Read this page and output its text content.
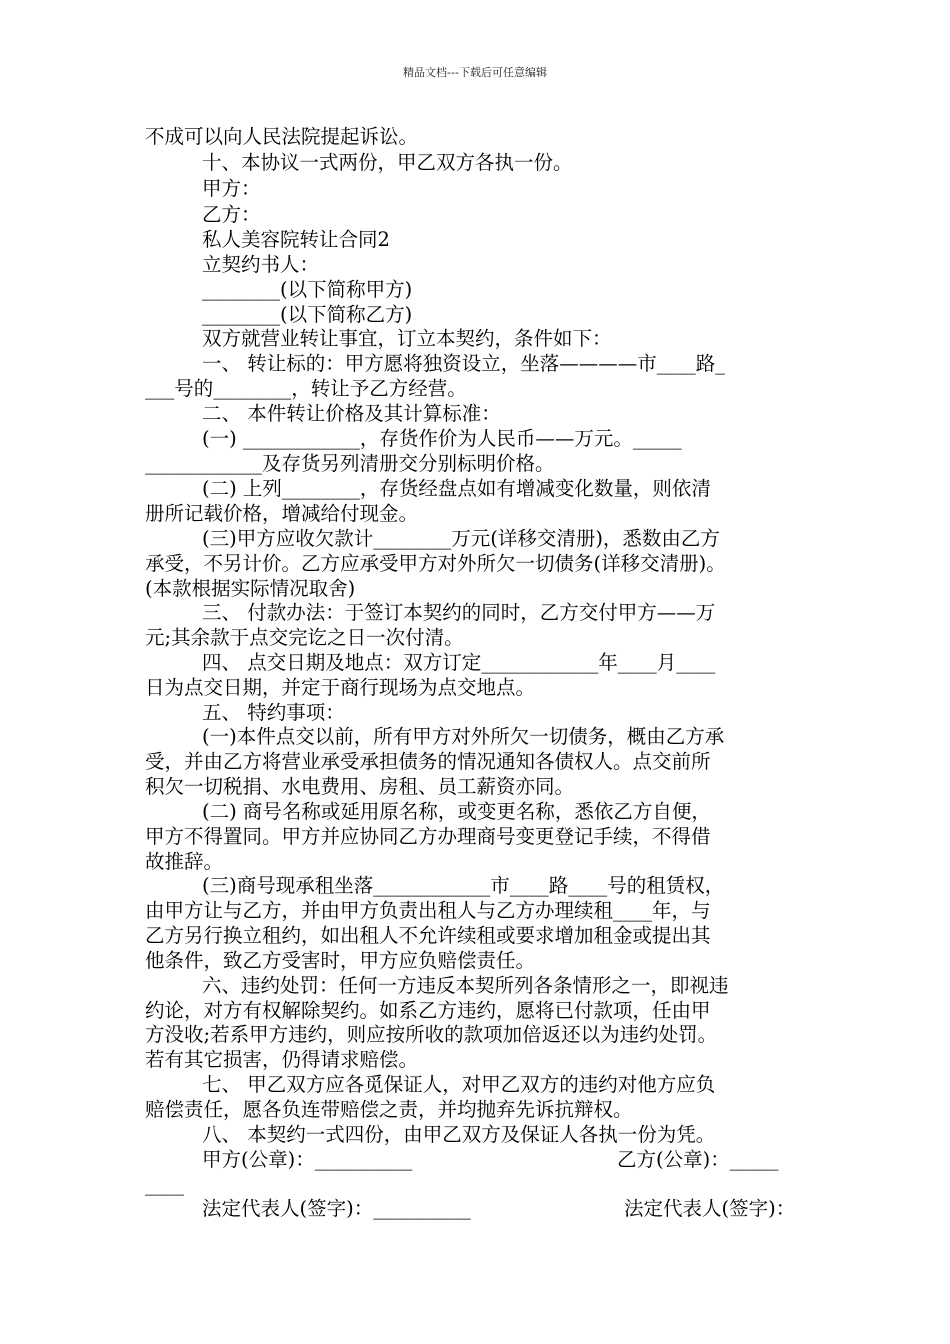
精品文档---下载后可任意编辑
不成可以向人民法院提起诉讼。
十、本协议一式两份，甲乙双方各执一份。
甲方：
乙方：
私人美容院转让合同2
立契约书人：
________(以下简称甲方)
________(以下简称乙方)
双方就营业转让事宜，订立本契约，条件如下：
一、 转让标的：甲方愿将独资设立，坐落————市____路_
___号的________，转让予乙方经营。
二、 本件转让价格及其计算标准：
(一) ____________，存货作价为人民币——万元。_____
____________及存货另列清册交分别标明价格。
(二) 上列________，存货经盘点如有增减变化数量，则依清
册所记载价格，增减给付现金。
(三)甲方应收欠款计________万元(详移交清册)，悉数由乙方
承受，不另计价。乙方应承受甲方对外所欠一切债务(详移交清册)。
(本款根据实际情况取舍)
三、 付款办法：于签订本契约的同时，乙方交付甲方——万
元;其余款于点交完讫之日一次付清。
四、 点交日期及地点：双方订定____________年____月____
日为点交日期，并定于商行现场为点交地点。
五、 特约事项：
(一)本件点交以前，所有甲方对外所欠一切债务，概由乙方承
受，并由乙方将营业承受承担债务的情况通知各债权人。点交前所
积欠一切税捐、水电费用、房租、员工薪资亦同。
(二) 商号名称或延用原名称，或变更名称，悉依乙方自便，
甲方不得置同。甲方并应协同乙方办理商号变更登记手续，不得借
故推辞。
(三)商号现承租坐落____________市____路____号的租赁权，
由甲方让与乙方，并由甲方负责出租人与乙方办理续租____年，与
乙方另行换立租约，如出租人不允许续租或要求增加租金或提出其
他条件，致乙方受害时，甲方应负赔偿责任。
六、违约处罚：任何一方违反本契所列各条情形之一，即视违
约论，对方有权解除契约。如系乙方违约，愿将已付款项，任由甲
方没收;若系甲方违约，则应按所收的款项加倍返还以为违约处罚。
若有其它损害，仍得请求赔偿。
七、 甲乙双方应各觅保证人，对甲乙双方的违约对他方应负
赔偿责任，愿各负连带赔偿之责，并均抛弃先诉抗辩权。
八、 本契约一式四份，由甲乙双方及保证人各执一份为凭。
甲方(公章)：__________	乙方(公章)：_____
____
法定代表人(签字)：__________	法定代表人(签字)：
